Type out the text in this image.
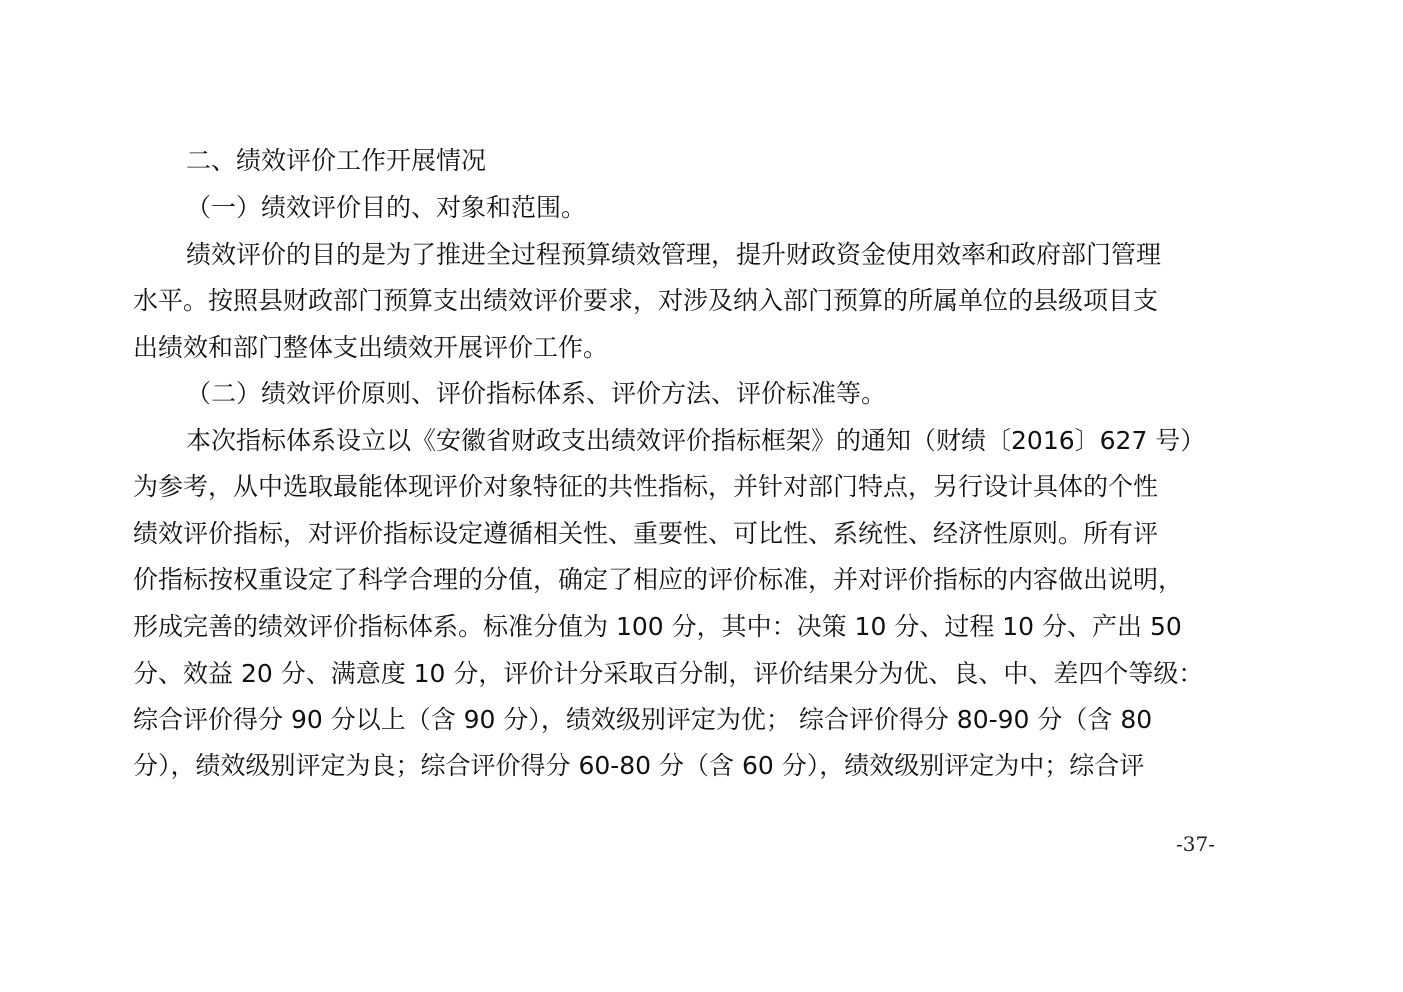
二、绩效评价工作开展情况
（一）绩效评价目的、对象和范围。
绩效评价的目的是为了推进全过程预算绩效管理，提升财政资金使用效率和政府部门管理
水平。按照县财政部门预算支出绩效评价要求，对涉及纳入部门预算的所属单位的县级项目支
出绩效和部门整体支出绩效开展评价工作。
（二）绩效评价原则、评价指标体系、评价方法、评价标准等。
本次指标体系设立以《安徽省财政支出绩效评价指标框架》的通知（财绩〔2016〕627 号）
为参考，从中选取最能体现评价对象特征的共性指标，并针对部门特点，另行设计具体的个性
绩效评价指标，对评价指标设定遵循相关性、重要性、可比性、系统性、经济性原则。所有评
价指标按权重设定了科学合理的分值，确定了相应的评价标准，并对评价指标的内容做出说明，
形成完善的绩效评价指标体系。标准分值为 100 分，其中：决策 10 分、过程 10 分、产出 50
分、效益 20 分、满意度 10 分，评价计分采取百分制，评价结果分为优、良、中、差四个等级：
综合评价得分 90 分以上（含 90 分），绩效级别评定为优； 综合评价得分 80-90 分（含 80
分），绩效级别评定为良；综合评价得分 60-80 分（含 60 分），绩效级别评定为中；综合评
-37-
